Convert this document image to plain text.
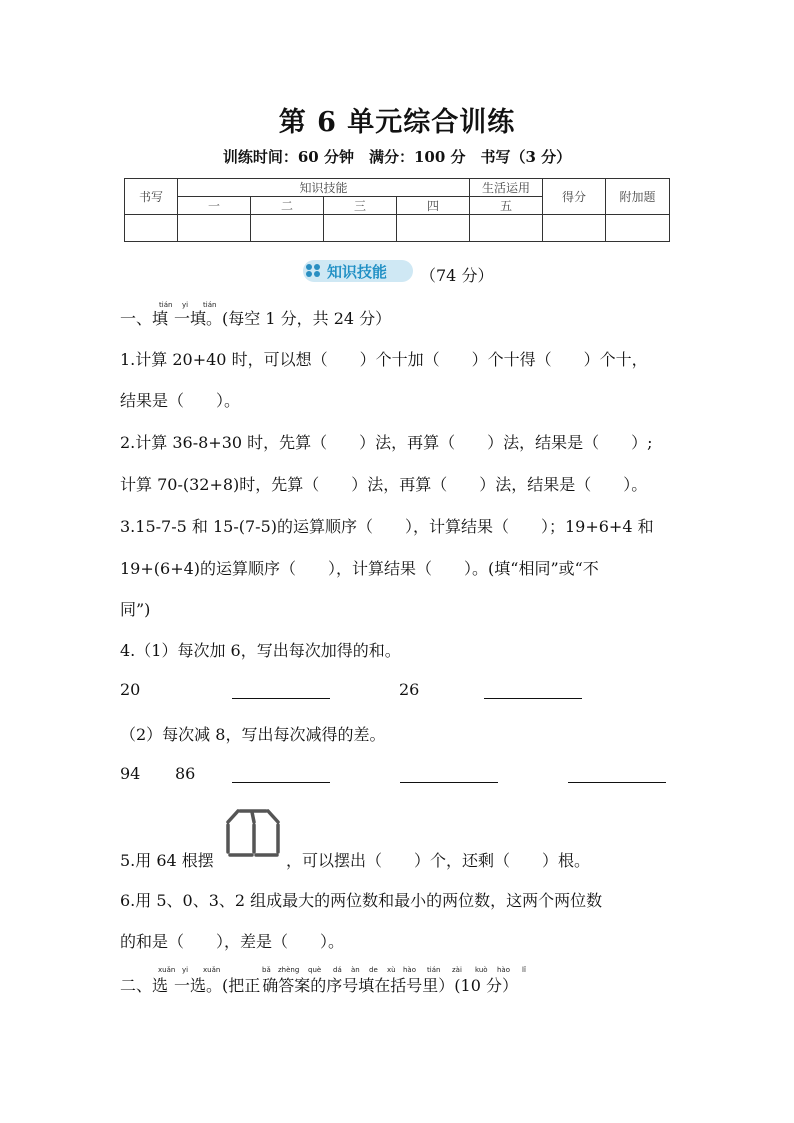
第 6 单元综合训练
训练时间：60 分钟　满分：100 分　书写（3 分）
书写	知识技能				生活运用	得分	附加题
	一	二	三	四	五		

知识技能 （74 分）
tián yi tián
一、填 一填。(每空 1 分，共 24 分）
1.计算 20+40 时，可以想（　　）个十加（　　）个十得（　　）个十，
结果是（　　）。
2.计算 36-8+30 时，先算（　　）法，再算（　　）法，结果是（　　）;
计算 70-(32+8)时，先算（　　）法，再算（　　）法，结果是（　　）。
3.15-7-5 和 15-(7-5)的运算顺序（　　），计算结果（　　）；19+6+4 和
19+(6+4)的运算顺序（　　），计算结果（　　）。(填“相同”或“不
同”)
4.（1）每次加 6，写出每次加得的和。
20	26
（2）每次减 8，写出每次减得的差。
94 86
5.用 64 根摆	，可以摆出（　　）个，还剩（　　）根。
6.用 5、0、3、2 组成最大的两位数和最小的两位数，这两个两位数
的和是（　　），差是（　　）。
xuǎn yi xuǎn	bǎ zhèng què dá àn de xù hào tián zài kuò hào lǐ
二、选 一选。(把正 确答案的序号填在括号里）(10 分）
